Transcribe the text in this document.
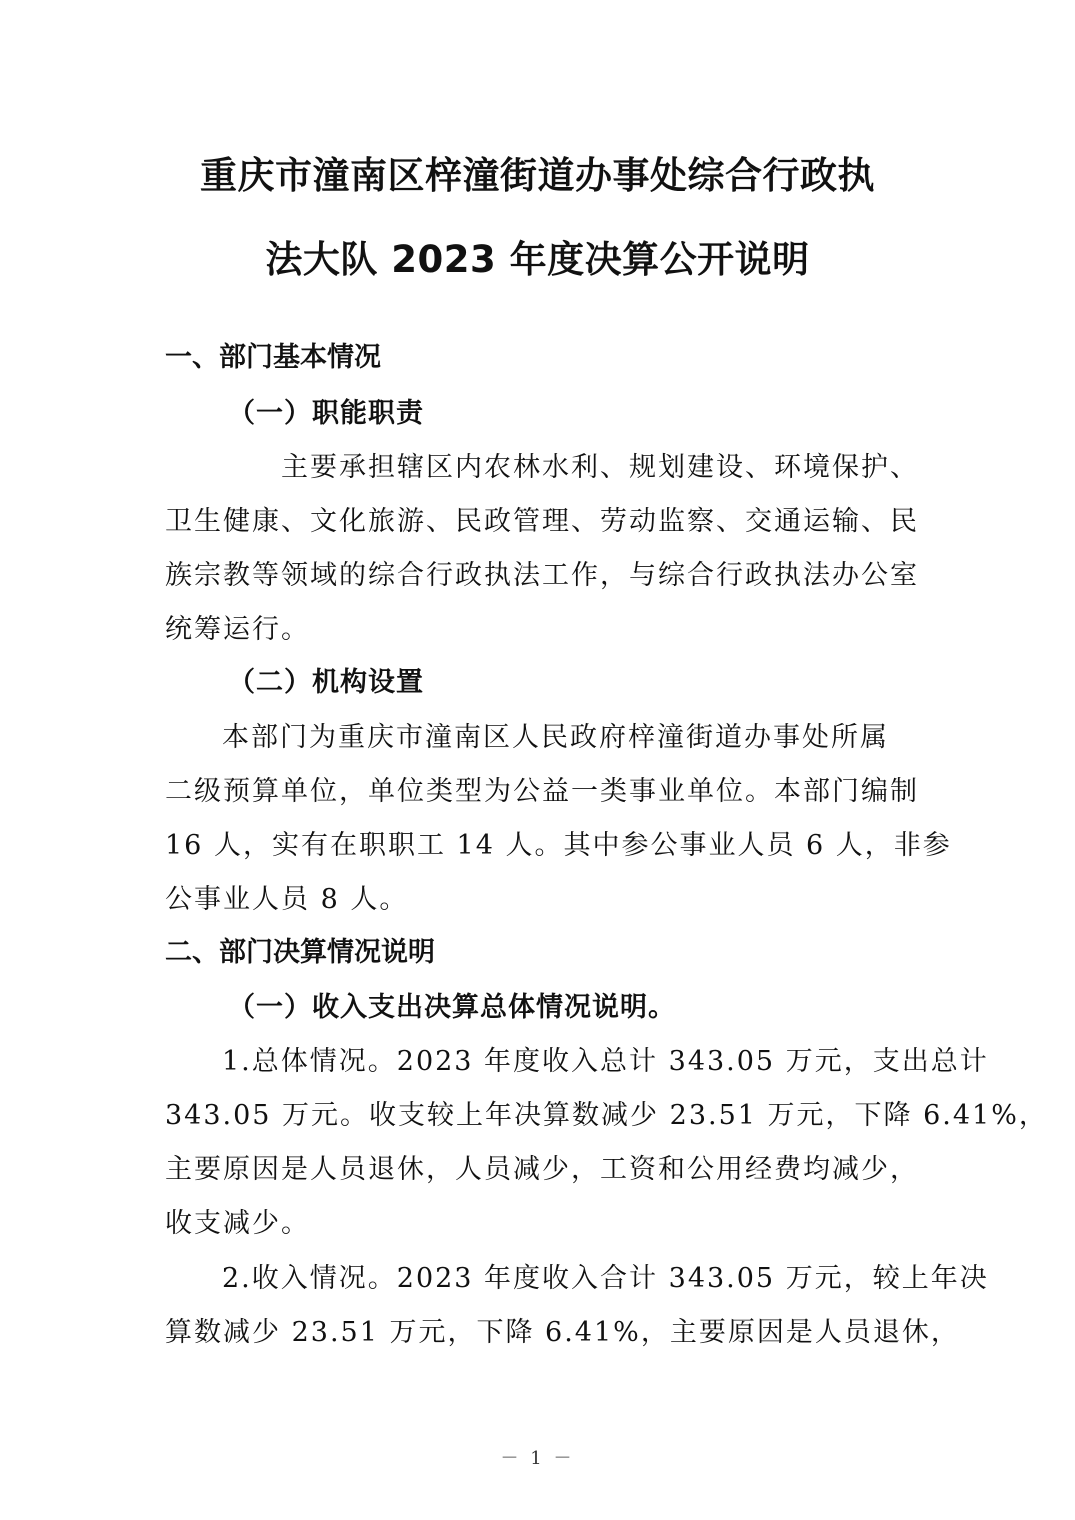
重庆市潼南区梓潼街道办事处综合行政执
法大队 2023 年度决算公开说明
一、部门基本情况
（一）职能职责
主要承担辖区内农林水利、规划建设、环境保护、
卫生健康、文化旅游、民政管理、劳动监察、交通运输、民
族宗教等领域的综合行政执法工作，与综合行政执法办公室
统筹运行。
（二）机构设置
本部门为重庆市潼南区人民政府梓潼街道办事处所属
二级预算单位，单位类型为公益一类事业单位。本部门编制
16 人，实有在职职工 14 人。其中参公事业人员 6 人，非参
公事业人员 8 人。
二、部门决算情况说明
（一）收入支出决算总体情况说明。
1.总体情况。2023 年度收入总计 343.05 万元，支出总计
343.05 万元。收支较上年决算数减少 23.51 万元，下降 6.41%，
主要原因是人员退休，人员减少，工资和公用经费均减少，
收支减少。
2.收入情况。2023 年度收入合计 343.05 万元，较上年决
算数减少 23.51 万元，下降 6.41%，主要原因是人员退休，
－ 1 －
